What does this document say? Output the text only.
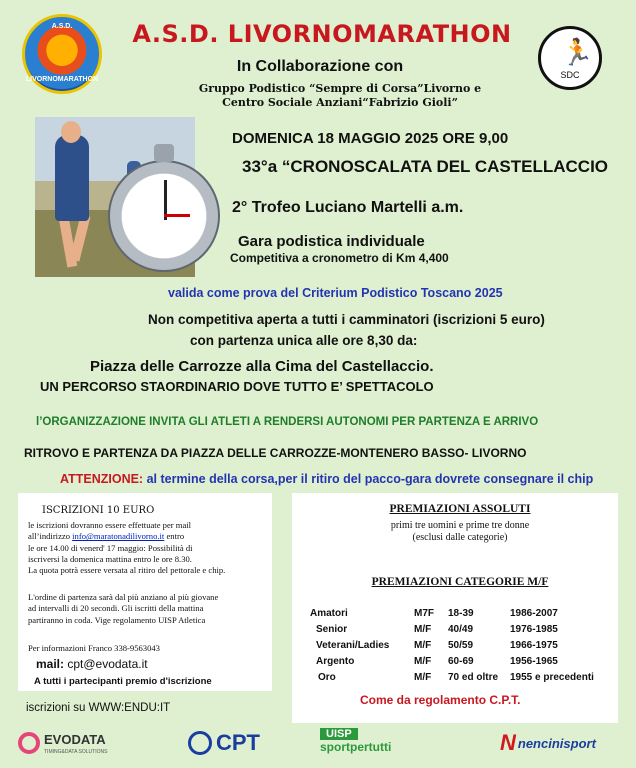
A.S.D.
LIVORNOMARATHON
A.S.D. LIVORNOMARATHON
🏃
SDC
In Collaborazione con
Gruppo Podistico “Sempre di Corsa”Livorno e
Centro Sociale Anziani“Fabrizio Gioli”
DOMENICA 18 MAGGIO 2025 ORE 9,00
33°a “CRONOSCALATA DEL CASTELLACCIO
2° Trofeo Luciano Martelli a.m.
Gara podistica individuale
Competitiva a cronometro di Km 4,400
valida come prova del Criterium Podistico Toscano 2025
Non competitiva aperta a tutti i camminatori (iscrizioni 5 euro)
con partenza unica alle ore 8,30 da:
Piazza delle Carrozze alla Cima del Castellaccio.
UN PERCORSO STAORDINARIO DOVE TUTTO E’ SPETTACOLO
l’ORGANIZZAZIONE INVITA GLI ATLETI A RENDERSI AUTONOMI PER PARTENZA E ARRIVO
RITROVO E PARTENZA DA PIAZZA DELLE CARROZZE-MONTENERO BASSO- LIVORNO
ATTENZIONE: al termine della corsa,per il ritiro del pacco-gara dovrete consegnare il chip
ISCRIZIONI 10 EURO
le iscrizioni dovranno essere effettuate per mail
all’indirizzo info@maratonadilivorno.it entro
le ore 14.00 di venerd' 17 maggio: Possibilità di
iscriversi la domenica mattina entro le ore 8.30.
La quota potrà essere versata al ritiro del pettorale e chip.
L'ordine di partenza sarà dal più anziano al più giovane
ad intervalli di 20 secondi. Gli iscritti della mattina
partiranno in coda. Vige regolamento UISP Atletica
Per informazioni Franco 338-9563043
mail: cpt@evodata.it
A tutti i partecipanti premio d'iscrizione
iscrizioni su WWW:ENDU:IT
PREMIAZIONI ASSOLUTI
primi tre uomini e prime tre donne
(esclusi dalle categorie)
PREMIAZIONI CATEGORIE M/F
Amatori	M7F	18-39	1986-2007
Senior	M/F	40/49	1976-1985
Veterani/Ladies	M/F	50/59	1966-1975
Argento	M/F	60-69	1956-1965
Oro	M/F	70 ed oltre	1955 e precedenti
Come da regolamento C.P.T.
EVODATA
TIMING&DATA SOLUTIONS	CPT	UISP
sportpertutti	N nencinisport
